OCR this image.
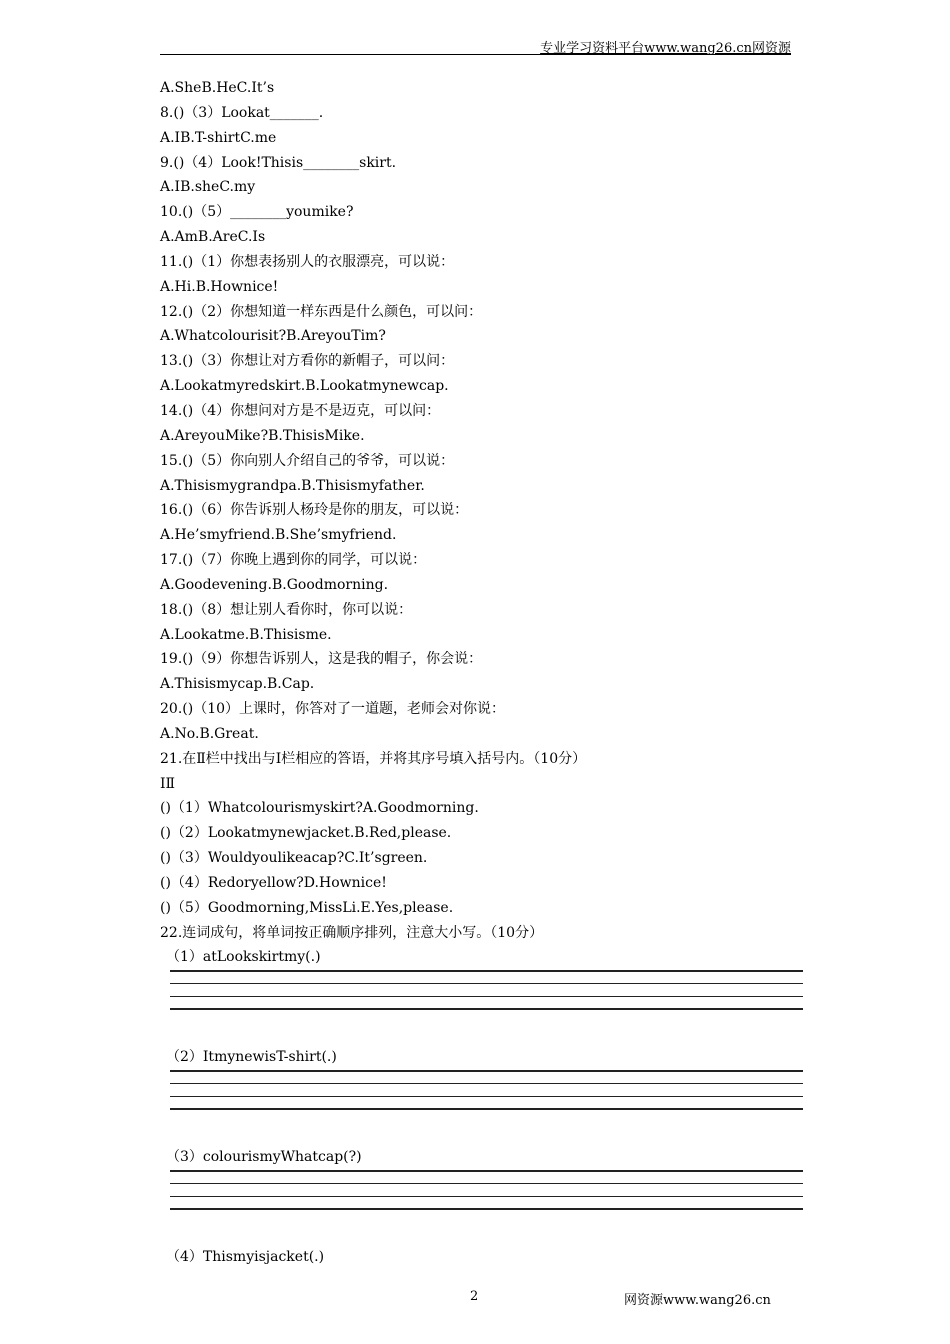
专业学习资料平台www.wang26.cn网资源
A.SheB.HeC.It’s
8.()（3）Lookat_______.
A.IB.T-shirtC.me
9.()（4）Look!Thisis________skirt.
A.IB.sheC.my
10.()（5）________youmike?
A.AmB.AreC.Is
11.()（1）你想表扬别人的衣服漂亮，可以说：
A.Hi.B.Hownice!
12.()（2）你想知道一样东西是什么颜色，可以问：
A.Whatcolourisit?B.AreyouTim?
13.()（3）你想让对方看你的新帽子，可以问：
A.Lookatmyredskirt.B.Lookatmynewcap.
14.()（4）你想问对方是不是迈克，可以问：
A.AreyouMike?B.ThisisMike.
15.()（5）你向别人介绍自己的爷爷，可以说：
A.Thisismygrandpa.B.Thisismyfather.
16.()（6）你告诉别人杨玲是你的朋友，可以说：
A.He’smyfriend.B.She’smyfriend.
17.()（7）你晚上遇到你的同学，可以说：
A.Goodevening.B.Goodmorning.
18.()（8）想让别人看你时，你可以说：
A.Lookatme.B.Thisisme.
19.()（9）你想告诉别人，这是我的帽子，你会说：
A.Thisismycap.B.Cap.
20.()（10）上课时，你答对了一道题，老师会对你说：
A.No.B.Great.
21.在Ⅱ栏中找出与Ⅰ栏相应的答语，并将其序号填入括号内。（10分）
ⅠⅡ
()（1）Whatcolourismyskirt?A.Goodmorning.
()（2）Lookatmynewjacket.B.Red,please.
()（3）Wouldyoulikeacap?C.It’sgreen.
()（4）Redoryellow?D.Hownice!
()（5）Goodmorning,MissLi.E.Yes,please.
22.连词成句，将单词按正确顺序排列，注意大小写。（10分）
（1）atLookskirtmy(.)
（2）ItmynewisT-shirt(.)
（3）colourismyWhatcap(?)
（4）Thismyisjacket(.)
2	网资源www.wang26.cn
